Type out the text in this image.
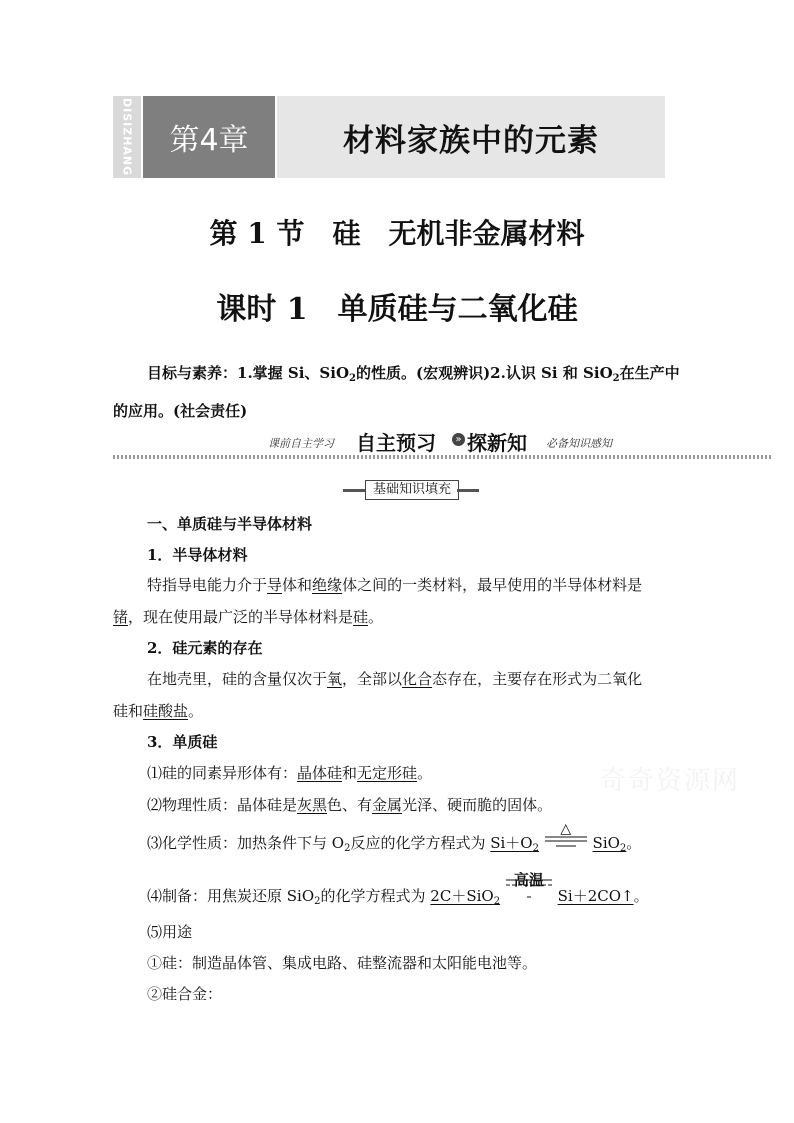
DISIZHANG 第4章	材料家族中的元素
第 1 节　硅　无机非金属材料
课时 1　单质硅与二氧化硅
目标与素养：1.掌握 Si、SiO$_2$的性质。(宏观辨识)2.认识 Si 和 SiO$_2$在生产中的应用。(社会责任)
课前自主学习 自主预习	» 探新知 必备知识感知
基础知识填充
一、单质硅与半导体材料
1．半导体材料
特指导电能力介于导体和绝缘体之间的一类材料，最早使用的半导体材料是
锗，现在使用最广泛的半导体材料是硅。
2．硅元素的存在
在地壳里，硅的含量仅次于氧，全部以化合态存在，主要存在形式为二氧化
硅和硅酸盐。
3．单质硅
⑴硅的同素异形体有：晶体硅和无定形硅。
⑵物理性质：晶体硅是灰黑色、有金属光泽、硬而脆的固体。
⑶化学性质：加热条件下与 $O_2$反应的化学方程式为 $Si+O_2$
△
SiO$_2$。
⑷制备：用焦炭还原 SiO$_2$的化学方程式为 2C＋SiO$_2$
高温
Si＋2CO↑。
⑸用途
①硅：制造晶体管、集成电路、硅整流器和太阳能电池等。
②硅合金：
奇奇资源网
